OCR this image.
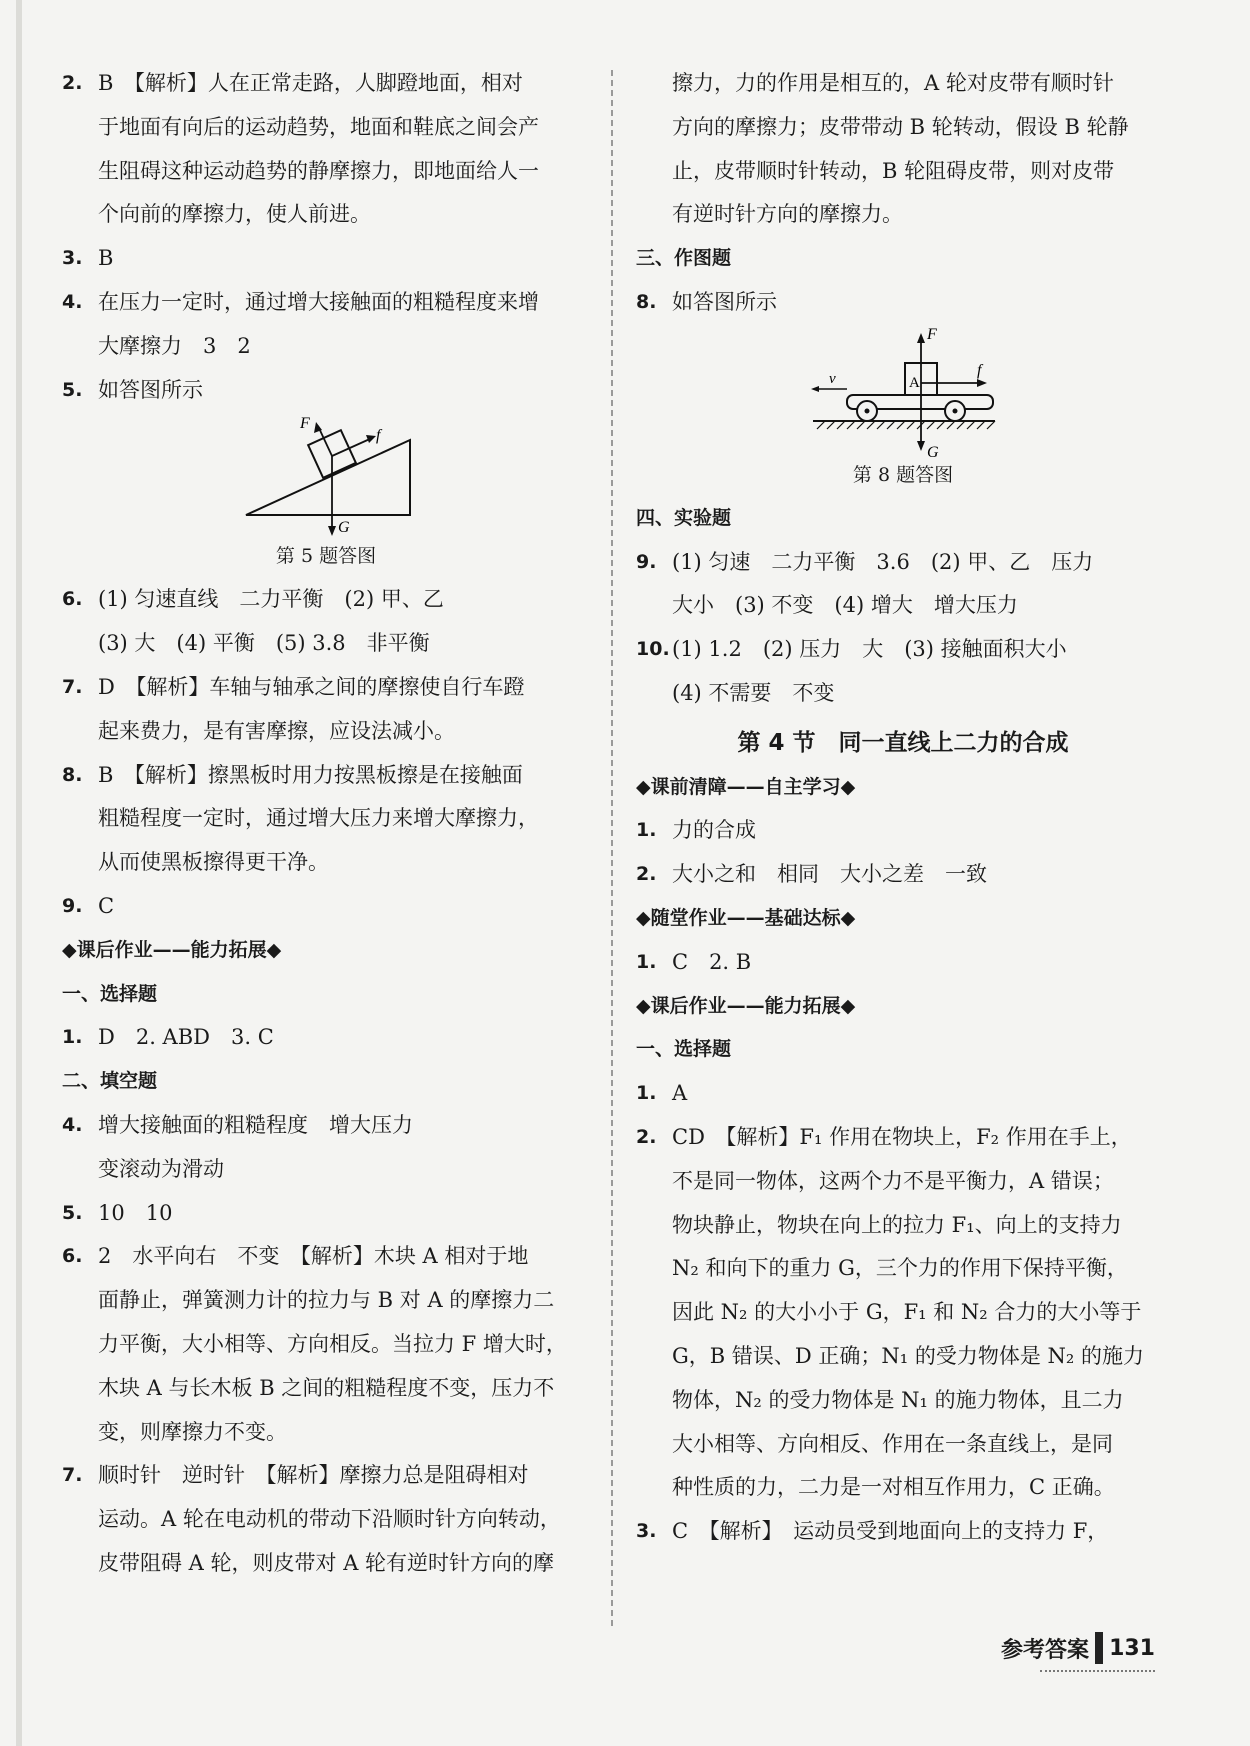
2. B　【解析】人在正常走路，人脚蹬地面，相对
于地面有向后的运动趋势，地面和鞋底之间会产
生阻碍这种运动趋势的静摩擦力，即地面给人一
个向前的摩擦力，使人前进。
3. B
4. 在压力一定时，通过增大接触面的粗糙程度来增
大摩擦力　3　2
5. 如答图所示
F
f
G
第 5 题答图
6. (1) 匀速直线　二力平衡　(2) 甲、乙
(3) 大　(4) 平衡　(5) 3.8　非平衡
7. D　【解析】车轴与轴承之间的摩擦使自行车蹬
起来费力，是有害摩擦，应设法减小。
8. B　【解析】擦黑板时用力按黑板擦是在接触面
粗糙程度一定时，通过增大压力来增大摩擦力，
从而使黑板擦得更干净。
9. C
◆课后作业——能力拓展◆
一、选择题
1. D　2. ABD　3. C
二、填空题
4. 增大接触面的粗糙程度　增大压力
变滚动为滑动
5. 10　10
6. 2　水平向右　不变　【解析】木块 A 相对于地
面静止，弹簧测力计的拉力与 B 对 A 的摩擦力二
力平衡，大小相等、方向相反。当拉力 F 增大时，
木块 A 与长木板 B 之间的粗糙程度不变，压力不
变，则摩擦力不变。
7. 顺时针　逆时针　【解析】摩擦力总是阻碍相对
运动。A 轮在电动机的带动下沿顺时针方向转动，
皮带阻碍 A 轮，则皮带对 A 轮有逆时针方向的摩
擦力，力的作用是相互的，A 轮对皮带有顺时针
方向的摩擦力；皮带带动 B 轮转动，假设 B 轮静
止，皮带顺时针转动，B 轮阻碍皮带，则对皮带
有逆时针方向的摩擦力。
三、作图题
8. 如答图所示
F
f
G
A
v
第 8 题答图
四、实验题
9. (1) 匀速　二力平衡　3.6　(2) 甲、乙　压力
大小　(3) 不变　(4) 增大　增大压力
10. (1) 1.2　(2) 压力　大　(3) 接触面积大小
(4) 不需要　不变
第 4 节　同一直线上二力的合成
◆课前清障——自主学习◆
1. 力的合成
2. 大小之和　相同　大小之差　一致
◆随堂作业——基础达标◆
1. C　2. B
◆课后作业——能力拓展◆
一、选择题
1. A
2. CD　【解析】F₁ 作用在物块上，F₂ 作用在手上，
不是同一物体，这两个力不是平衡力，A 错误；
物块静止，物块在向上的拉力 F₁、向上的支持力
N₂ 和向下的重力 G，三个力的作用下保持平衡，
因此 N₂ 的大小小于 G，F₁ 和 N₂ 合力的大小等于
G，B 错误、D 正确；N₁ 的受力物体是 N₂ 的施力
物体，N₂ 的受力物体是 N₁ 的施力物体，且二力
大小相等、方向相反、作用在一条直线上，是同
种性质的力，二力是一对相互作用力，C 正确。
3. C　【解析】　运动员受到地面向上的支持力 F，
参考答案 131
